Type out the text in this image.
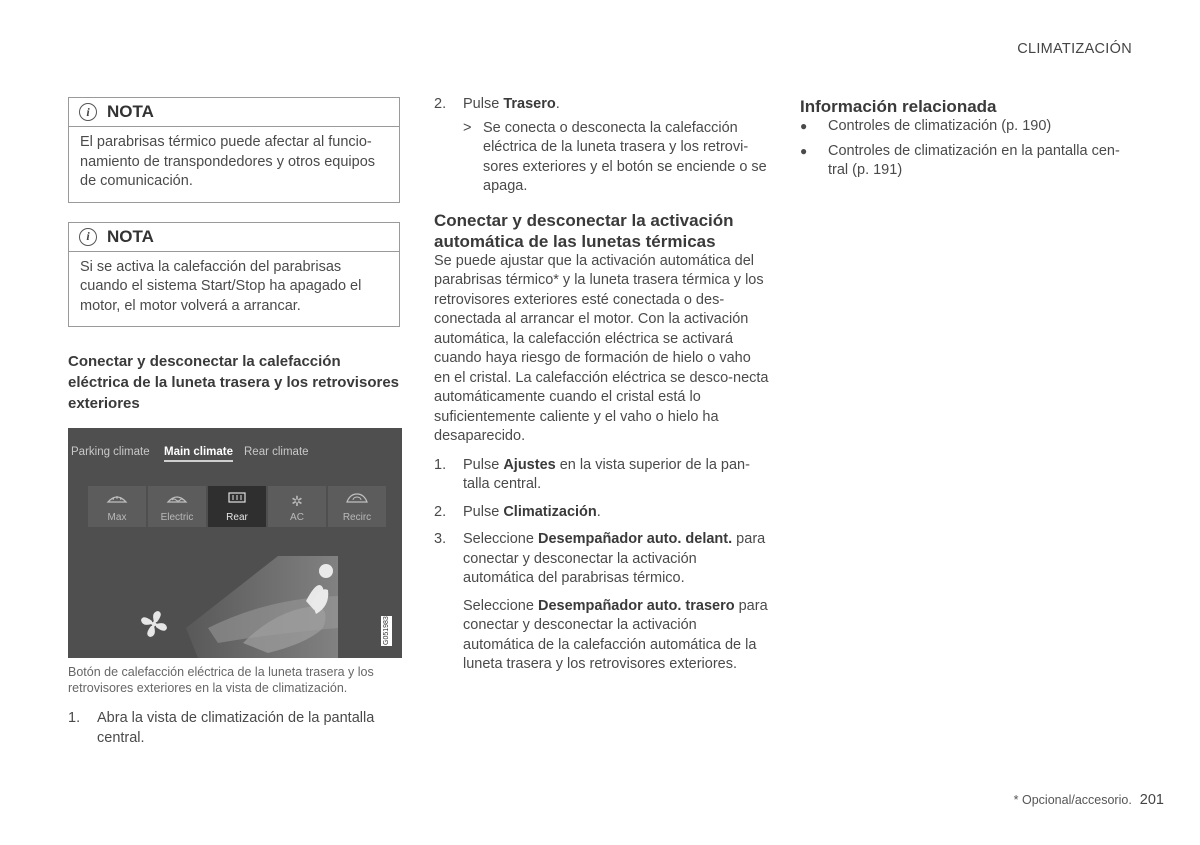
CLIMATIZACIÓN
i	NOTA
El parabrisas térmico puede afectar al funcio-namiento de transpondedores y otros equipos de comunicación.
i	NOTA
Si se activa la calefacción del parabrisas cuando el sistema Start/Stop ha apagado el motor, el motor volverá a arrancar.
Conectar y desconectar la calefacción eléctrica de la luneta trasera y los retrovisores exteriores
Parking climate Main climate Rear climate
Max	Electric	Rear
✲
AC	Recirc
G051983
Botón de calefacción eléctrica de la luneta trasera y los retrovisores exteriores en la vista de climatización.
1.	Abra la vista de climatización de la pantalla central.
2.	Pulse Trasero.
> Se conecta o desconecta la calefacción eléctrica de la luneta trasera y los retrovi-sores exteriores y el botón se enciende o se apaga.
Conectar y desconectar la activación automática de las lunetas térmicas

Se puede ajustar que la activación automática del parabrisas térmico* y la luneta trasera térmica y los retrovisores exteriores esté conectada o des-conectada al arrancar el motor. Con la activación automática, la calefacción eléctrica se activará cuando haya riesgo de formación de hielo o vaho en el cristal. La calefacción eléctrica se desco-necta automáticamente cuando el cristal está lo suficientemente caliente y el vaho o hielo ha desaparecido.

1.	Pulse Ajustes en la vista superior de la pan-talla central.
2.	Pulse Climatización.
3.	Seleccione Desempañador auto. delant. para conectar y desconectar la activación automática del parabrisas térmico.
Seleccione Desempañador auto. trasero para conectar y desconectar la activación automática de la calefacción automática de la luneta trasera y los retrovisores exteriores.
Información relacionada
●	Controles de climatización (p. 190)
●	Controles de climatización en la pantalla cen-tral (p. 191)
* Opcional/accesorio. 201
